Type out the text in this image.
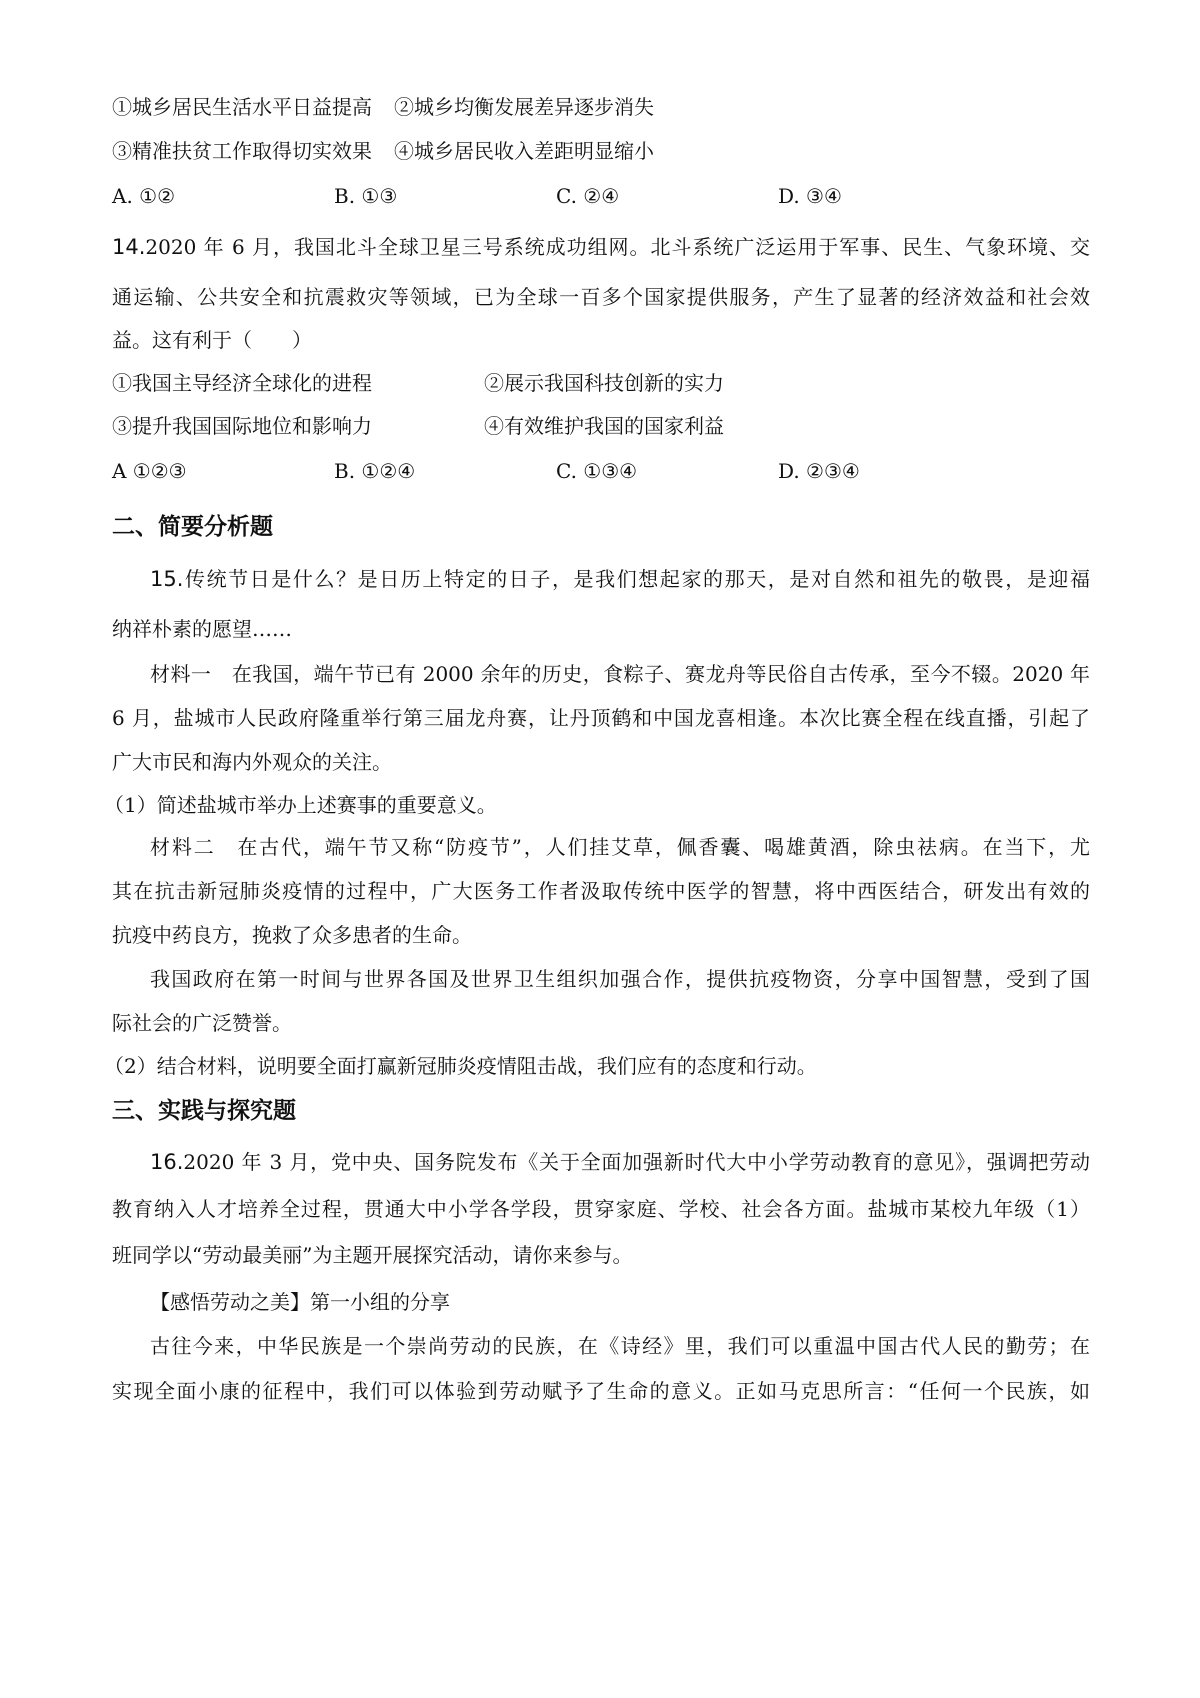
①城乡居民生活水平日益提高 ②城乡均衡发展差异逐步消失
③精准扶贫工作取得切实效果 ④城乡居民收入差距明显缩小
A. ①②	B. ①③	C. ②④	D. ③④
14.2020 年 6 月，我国北斗全球卫星三号系统成功组网。北斗系统广泛运用于军事、民生、气象环境、交
通运输、公共安全和抗震救灾等领域，已为全球一百多个国家提供服务，产生了显著的经济效益和社会效
益。这有利于（　　）
①我国主导经济全球化的进程	②展示我国科技创新的实力
③提升我国国际地位和影响力	④有效维护我国的国家利益
A ①②③	B. ①②④	C. ①③④	D. ②③④
二、简要分析题
15.传统节日是什么？是日历上特定的日子，是我们想起家的那天，是对自然和祖先的敬畏，是迎福
纳祥朴素的愿望……
材料一　在我国，端午节已有 2000 余年的历史，食粽子、赛龙舟等民俗自古传承，至今不辍。2020 年
6 月，盐城市人民政府隆重举行第三届龙舟赛，让丹顶鹤和中国龙喜相逢。本次比赛全程在线直播，引起了
广大市民和海内外观众的关注。
（1）简述盐城市举办上述赛事的重要意义。
材料二　在古代，端午节又称“防疫节”，人们挂艾草，佩香囊、喝雄黄酒，除虫祛病。在当下，尤
其在抗击新冠肺炎疫情的过程中，广大医务工作者汲取传统中医学的智慧，将中西医结合，研发出有效的
抗疫中药良方，挽救了众多患者的生命。
我国政府在第一时间与世界各国及世界卫生组织加强合作，提供抗疫物资，分享中国智慧，受到了国
际社会的广泛赞誉。
（2）结合材料，说明要全面打赢新冠肺炎疫情阻击战，我们应有的态度和行动。
三、实践与探究题
16.2020 年 3 月，党中央、国务院发布《关于全面加强新时代大中小学劳动教育的意见》，强调把劳动
教育纳入人才培养全过程，贯通大中小学各学段，贯穿家庭、学校、社会各方面。盐城市某校九年级（1）
班同学以“劳动最美丽”为主题开展探究活动，请你来参与。
【感悟劳动之美】第一小组的分享
古往今来，中华民族是一个崇尚劳动的民族，在《诗经》里，我们可以重温中国古代人民的勤劳；在
实现全面小康的征程中，我们可以体验到劳动赋予了生命的意义。正如马克思所言：“任何一个民族，如
